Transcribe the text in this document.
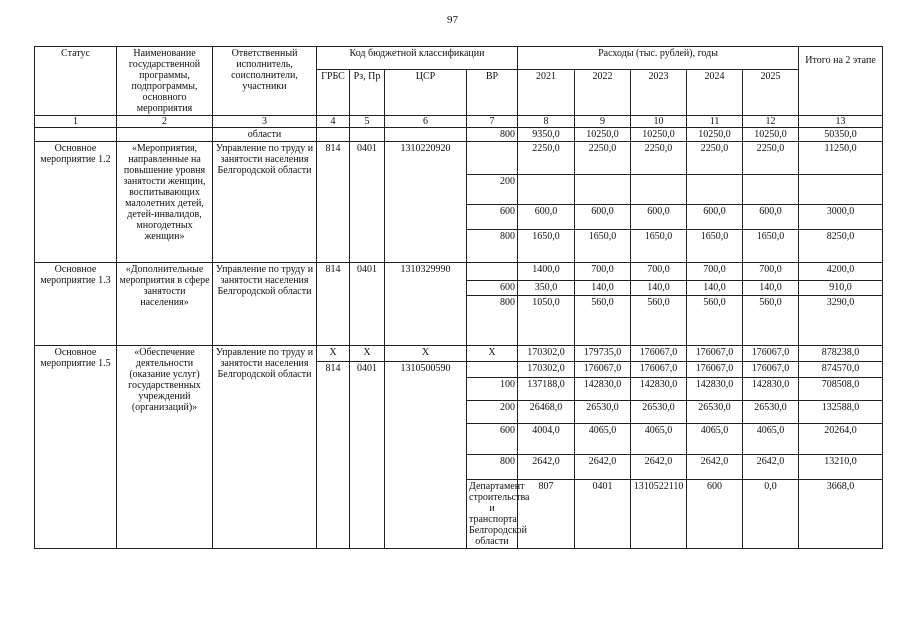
97
Статус	Наименование государственной программы, подпрограммы, основного мероприятия	Ответственный исполнитель, соисполнители, участники	Код бюджетной классификации				Расходы (тыс. рублей), годы					Итого на 2 этапе	
			ГРБС	Рз, Пр	ЦСР	ВР	2021	2022	2023	2024	2025		

1	2	3	4	5	6	7	8	9	10	11	12	13	
		области				800	9350,0	10250,0	10250,0	10250,0	10250,0	50350,0	
Основное мероприятие 1.2	«Мероприятия, направленные на повышение уровня занятости женщин, воспитывающих малолетних детей, детей-инвалидов, многодетных женщин»	Управление по труду и занятости населения Белгородской области	814	0401	1310220920		2250,0	2250,0	2250,0	2250,0	2250,0	11250,0	
						200							
						600	600,0	600,0	600,0	600,0	600,0	3000,0	
						800	1650,0	1650,0	1650,0	1650,0	1650,0	8250,0	
Основное мероприятие 1.3	«Дополнительные мероприятия в сфере занятости населения»	Управление по труду и занятости населения Белгородской области	814	0401	1310329990		1400,0	700,0	700,0	700,0	700,0	4200,0	
						600	350,0	140,0	140,0	140,0	140,0	910,0	
						800	1050,0	560,0	560,0	560,0	560,0	3290,0	
Основное мероприятие 1.5	«Обеспечение деятельности (оказание услуг) государственных учреждений (организаций)»	Управление по труду и занятости населения Белгородской области	Х	Х	Х	Х	170302,0	179735,0	176067,0	176067,0	176067,0	878238,0	
			814	0401	1310500590		170302,0	176067,0	176067,0	176067,0	176067,0	874570,0	
						100	137188,0	142830,0	142830,0	142830,0	142830,0	708508,0	
						200	26468,0	26530,0	26530,0	26530,0	26530,0	132588,0	
						600	4004,0	4065,0	4065,0	4065,0	4065,0	20264,0	
						800	2642,0	2642,0	2642,0	2642,0	2642,0	13210,0	
						Департамент строительства и транспорта Белгородской области	807	0401	1310522110	600	0,0	3668,0				
